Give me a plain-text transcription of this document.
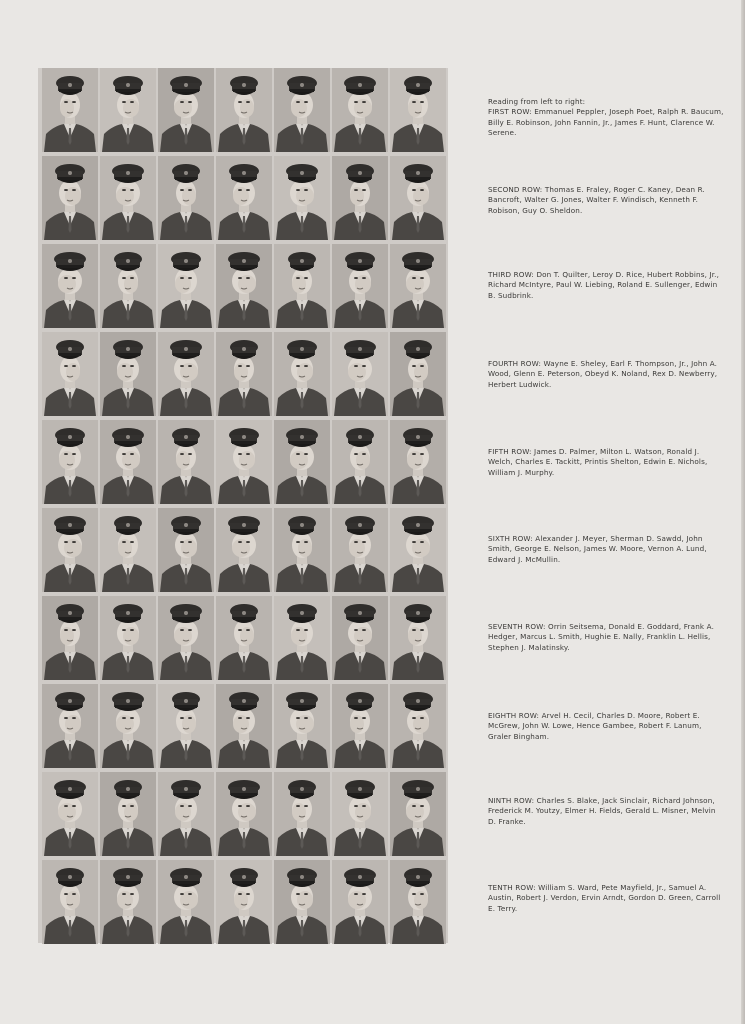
Reading from left to right:
FIRST ROW: Emmanuel Peppler, Joseph Poet, Ralph R. Baucum, Billy E. Robinson, John Fannin, Jr., James F. Hunt, Clarence W. Serene.
SECOND ROW: Thomas E. Fraley, Roger C. Kaney, Dean R. Bancroft, Walter G. Jones, Walter F. Windisch, Kenneth F. Robison, Guy O. Sheldon.
THIRD ROW: Don T. Quilter, Leroy D. Rice, Hubert Robbins, Jr., Richard McIntyre, Paul W. Liebing, Roland E. Sullenger, Edwin B. Sudbrink.
FOURTH ROW: Wayne E. Sheley, Earl F. Thompson, Jr., John A. Wood, Glenn E. Peterson, Obeyd K. Noland, Rex D. Newberry, Herbert Ludwick.
FIFTH ROW: James D. Palmer, Milton L. Watson, Ronald J. Welch, Charles E. Tackitt, Printis Shelton, Edwin E. Nichols, William J. Murphy.
SIXTH ROW: Alexander J. Meyer, Sherman D. Sawdd, John Smith, George E. Nelson, James W. Moore, Vernon A. Lund, Edward J. McMullin.
SEVENTH ROW: Orrin Seitsema, Donald E. Goddard, Frank A. Hedger, Marcus L. Smith, Hughie E. Nally, Franklin L. Hellis, Stephen J. Malatinsky.
EIGHTH ROW: Arvel H. Cecil, Charles D. Moore, Robert E. McGrew, John W. Lowe, Hence Gambee, Robert F. Lanum, Graler Bingham.
NINTH ROW: Charles S. Blake, Jack Sinclair, Richard Johnson, Frederick M. Youtzy, Elmer H. Fields, Gerald L. Misner, Melvin D. Franke.
TENTH ROW: William S. Ward, Pete Mayfield, Jr., Samuel A. Austin, Robert J. Verdon, Ervin Arndt, Gordon D. Green, Carroll E. Terry.
